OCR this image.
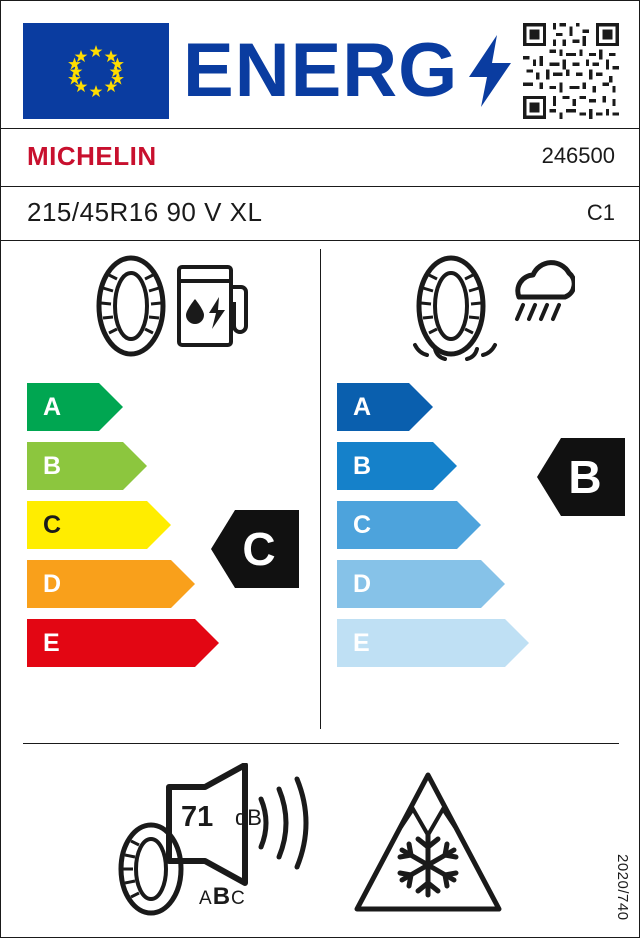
ENERG
MICHELIN	246500
215/45R16 90 V XL	C1
A
B
C
D
E
C
A
B
C
D
E
B
71 dB
ABC	2020/740
